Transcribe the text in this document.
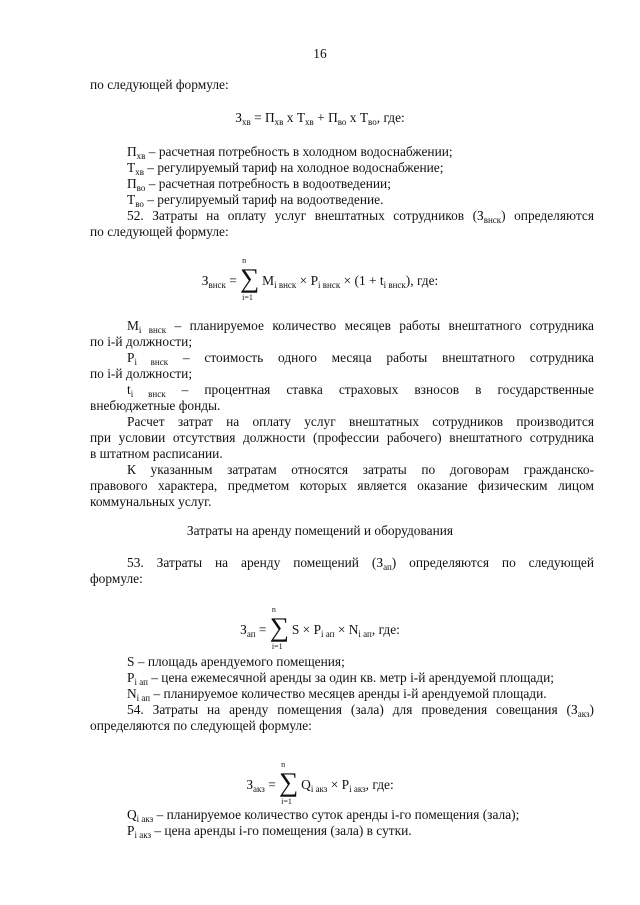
16
по следующей формуле:
$З_{хв} = П_{хв}$ x $Т_{хв} + П_{во}$ x $Т_{во}$, где:
$П_{хв}$ – расчетная потребность в холодном водоснабжении;
$Т_{хв}$ – регулируемый тариф на холодное водоснабжение;
$П_{во}$ – расчетная потребность в водоотведении;
$Т_{во}$ – регулируемый тариф на водоотведение.
52. Затраты на оплату услуг внештатных сотрудников $(З_{внск})$ определяются
по следующей формуле:
$З_{внск}$ =
n
∑
i=1
$M_{i внск} \times P_{i внск} \times (1 + t_{i внск})$, где:
$M_{i внск}$ – планируемое количество месяцев работы внештатного сотрудника
по i-й должности;
$P_{i внск}$ – стоимость одного месяца работы внештатного сотрудника
по i-й должности;
$t_{i внск}$ – процентная ставка страховых взносов в государственные
внебюджетные фонды.
Расчет затрат на оплату услуг внештатных сотрудников производится
при условии отсутствия должности (профессии рабочего) внештатного сотрудника
в штатном расписании.
К указанным затратам относятся затраты по договорам гражданско-
правового характера, предметом которых является оказание физическим лицом
коммунальных услуг.
Затраты на аренду помещений и оборудования
53. Затраты на аренду помещений $(З_{ап})$ определяются по следующей
формуле:
$З_{ап}$ =
n
∑
i=1
$S \times P_{i ап} \times N_{i ап}$, где:
S – площадь арендуемого помещения;
$P_{i ап}$ – цена ежемесячной аренды за один кв. метр i-й арендуемой площади;
$N_{i ап}$ – планируемое количество месяцев аренды i-й арендуемой площади.
54. Затраты на аренду помещения (зала) для проведения совещания $(З_{акз})$
определяются по следующей формуле:
$З_{акз}$ =
n
∑
i=1
$Q_{i акз} \times P_{i акз}$, где:
$Q_{i акз}$ – планируемое количество суток аренды i-го помещения (зала);
$P_{i акз}$ – цена аренды i-го помещения (зала) в сутки.
